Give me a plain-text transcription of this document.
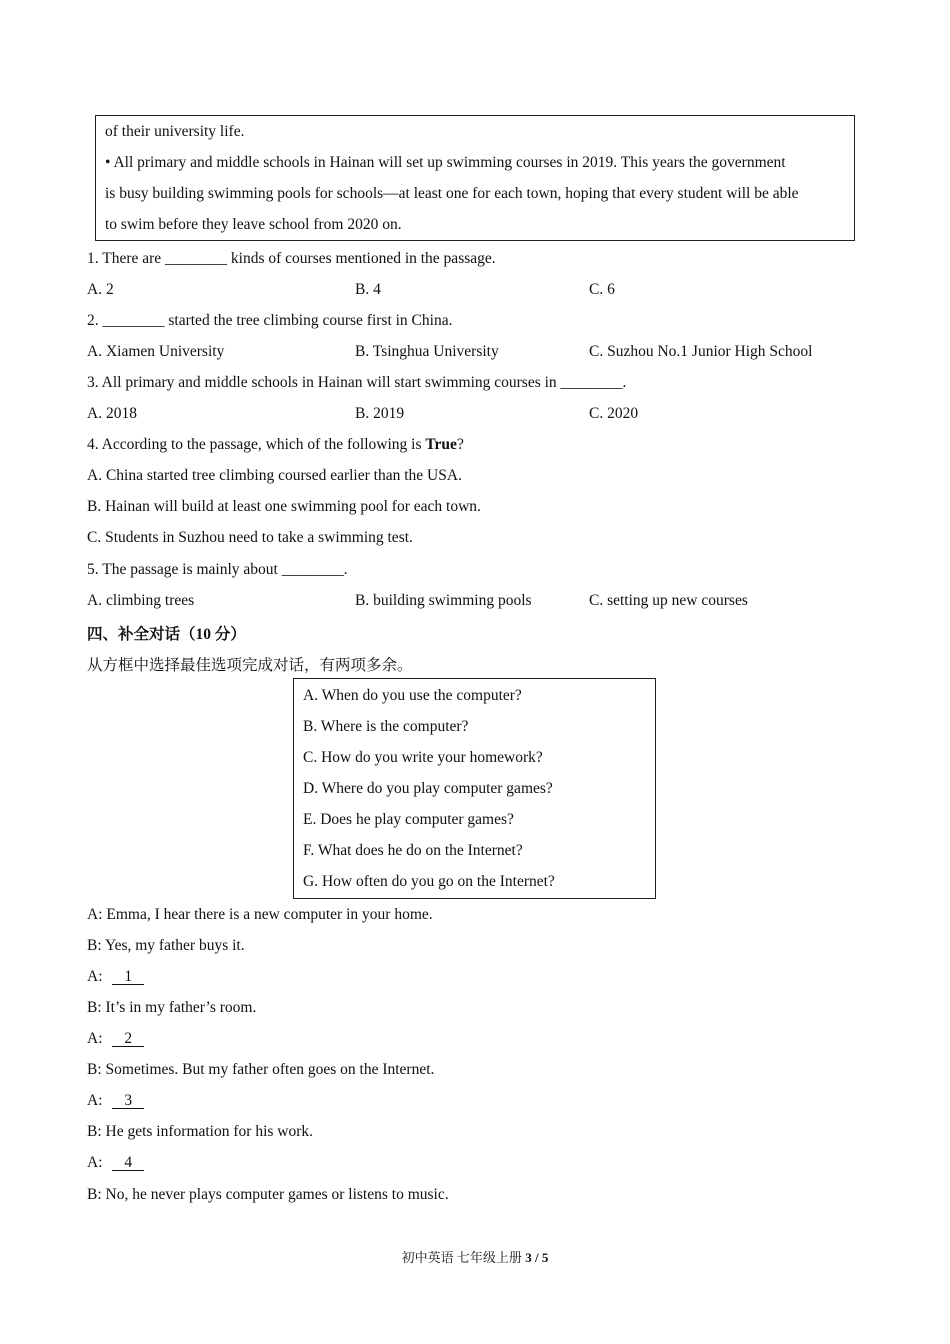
of their university life.
• All primary and middle schools in Hainan will set up swimming courses in 2019. This years the government
is busy building swimming pools for schools—at least one for each town, hoping that every student will be able
to swim before they leave school from 2020 on.
1. There are ________ kinds of courses mentioned in the passage.
A. 2	B. 4	C. 6
2. ________ started the tree climbing course first in China.
A. Xiamen University	B. Tsinghua University	C. Suzhou No.1 Junior High School
3. All primary and middle schools in Hainan will start swimming courses in ________.
A. 2018	B. 2019	C. 2020
4. According to the passage, which of the following is True?
A. China started tree climbing coursed earlier than the USA.
B. Hainan will build at least one swimming pool for each town.
C. Students in Suzhou need to take a swimming test.
5. The passage is mainly about ________.
A. climbing trees	B. building swimming pools	C. setting up new courses
四、补全对话（10 分）
从方框中选择最佳选项完成对话，有两项多余。
A. When do you use the computer?
B. Where is the computer?
C. How do you write your homework?
D. Where do you play computer games?
E. Does he play computer games?
F. What does he do on the Internet?
G. How often do you go on the Internet?
A: Emma, I hear there is a new computer in your home.
B: Yes, my father buys it.
A: 1
B: It’s in my father’s room.
A: 2
B: Sometimes. But my father often goes on the Internet.
A: 3
B: He gets information for his work.
A: 4
B: No, he never plays computer games or listens to music.
初中英语 七年级上册 3 / 5
